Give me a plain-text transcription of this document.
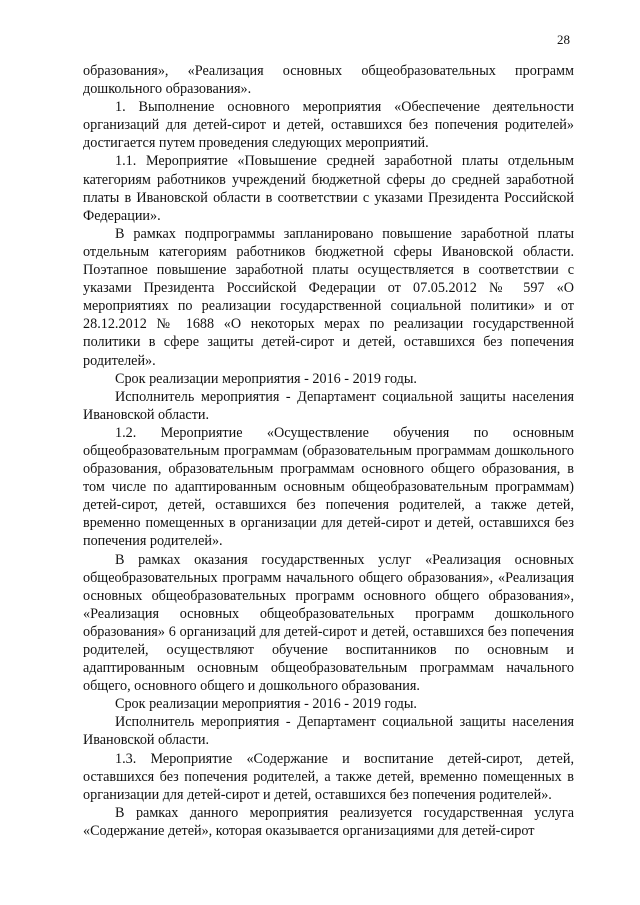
28

образования», «Реализация основных общеобразовательных программ дошкольного образования».

1. Выполнение основного мероприятия «Обеспечение деятельности организаций для детей-сирот и детей, оставшихся без попечения родителей» достигается путем проведения следующих мероприятий.

1.1. Мероприятие «Повышение средней заработной платы отдельным категориям работников учреждений бюджетной сферы до средней заработной платы в Ивановской области в соответствии с указами Президента Российской Федерации».

В рамках подпрограммы запланировано повышение заработной платы отдельным категориям работников бюджетной сферы Ивановской области. Поэтапное повышение заработной платы осуществляется в соответствии с указами Президента Российской Федерации от 07.05.2012 № 597 «О мероприятиях по реализации государственной социальной политики» и от 28.12.2012 № 1688 «О некоторых мерах по реализации государственной политики в сфере защиты детей-сирот и детей, оставшихся без попечения родителей».

Срок реализации мероприятия - 2016 - 2019 годы.

Исполнитель мероприятия - Департамент социальной защиты населения Ивановской области.

1.2. Мероприятие «Осуществление обучения по основным общеобразовательным программам (образовательным программам дошкольного образования, образовательным программам основного общего образования, в том числе по адаптированным основным общеобразовательным программам) детей-сирот, детей, оставшихся без попечения родителей, а также детей, временно помещенных в организации для детей-сирот и детей, оставшихся без попечения родителей».

В рамках оказания государственных услуг «Реализация основных общеобразовательных программ начального общего образования», «Реализация основных общеобразовательных программ основного общего образования», «Реализация основных общеобразовательных программ дошкольного образования» 6 организаций для детей-сирот и детей, оставшихся без попечения родителей, осуществляют обучение воспитанников по основным и адаптированным основным общеобразовательным программам начального общего, основного общего и дошкольного образования.

Срок реализации мероприятия - 2016 - 2019 годы.

Исполнитель мероприятия - Департамент социальной защиты населения Ивановской области.

1.3. Мероприятие «Содержание и воспитание детей-сирот, детей, оставшихся без попечения родителей, а также детей, временно помещенных в организации для детей-сирот и детей, оставшихся без попечения родителей».

В рамках данного мероприятия реализуется государственная услуга «Содержание детей», которая оказывается организациями для детей-сирот
